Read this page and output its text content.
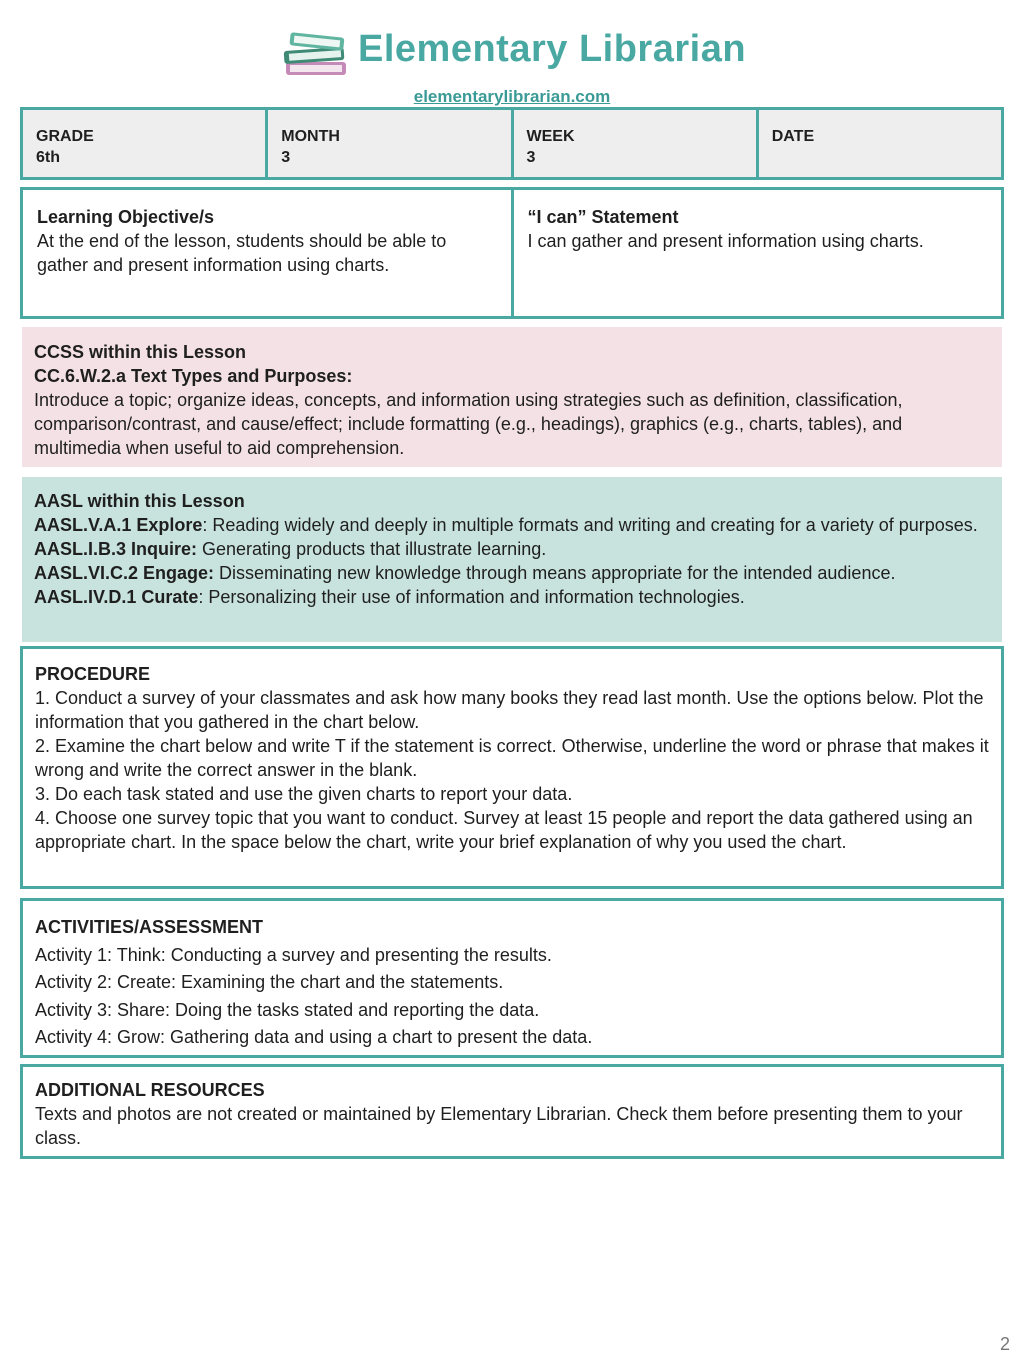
Elementary Librarian
elementarylibrarian.com
GRADE
6th
MONTH
3
WEEK
3
DATE
Learning Objective/s
At the end of the lesson, students should be able to gather and present information using charts.
“I can” Statement
I can gather and present information using charts.
CCSS within this Lesson
CC.6.W.2.a Text Types and Purposes:
Introduce a topic; organize ideas, concepts, and information using strategies such as definition, classification, comparison/contrast, and cause/effect; include formatting (e.g., headings), graphics (e.g., charts, tables), and multimedia when useful to aid comprehension.
AASL within this Lesson
AASL.V.A.1 Explore: Reading widely and deeply in multiple formats and writing and creating for a variety of purposes.
AASL.I.B.3 Inquire: Generating products that illustrate learning.
AASL.VI.C.2 Engage: Disseminating new knowledge through means appropriate for the intended audience.
AASL.IV.D.1 Curate: Personalizing their use of information and information technologies.
PROCEDURE
1. Conduct a survey of your classmates and ask how many books they read last month. Use the options below. Plot the information that you gathered in the chart below.
2. Examine the chart below and write T if the statement is correct. Otherwise, underline the word or phrase that makes it wrong and write the correct answer in the blank.
3. Do each task stated and use the given charts to report your data.
4. Choose one survey topic that you want to conduct. Survey at least 15 people and report the data gathered using an appropriate chart. In the space below the chart, write your brief explanation of why you used the chart.
ACTIVITIES/ASSESSMENT
Activity 1: Think: Conducting a survey and presenting the results.
Activity 2: Create: Examining the chart and the statements.
Activity 3: Share: Doing the tasks stated and reporting the data.
Activity 4: Grow: Gathering data and using a chart to present the data.
ADDITIONAL RESOURCES
Texts and photos are not created or maintained by Elementary Librarian. Check them before presenting them to your class.
2
